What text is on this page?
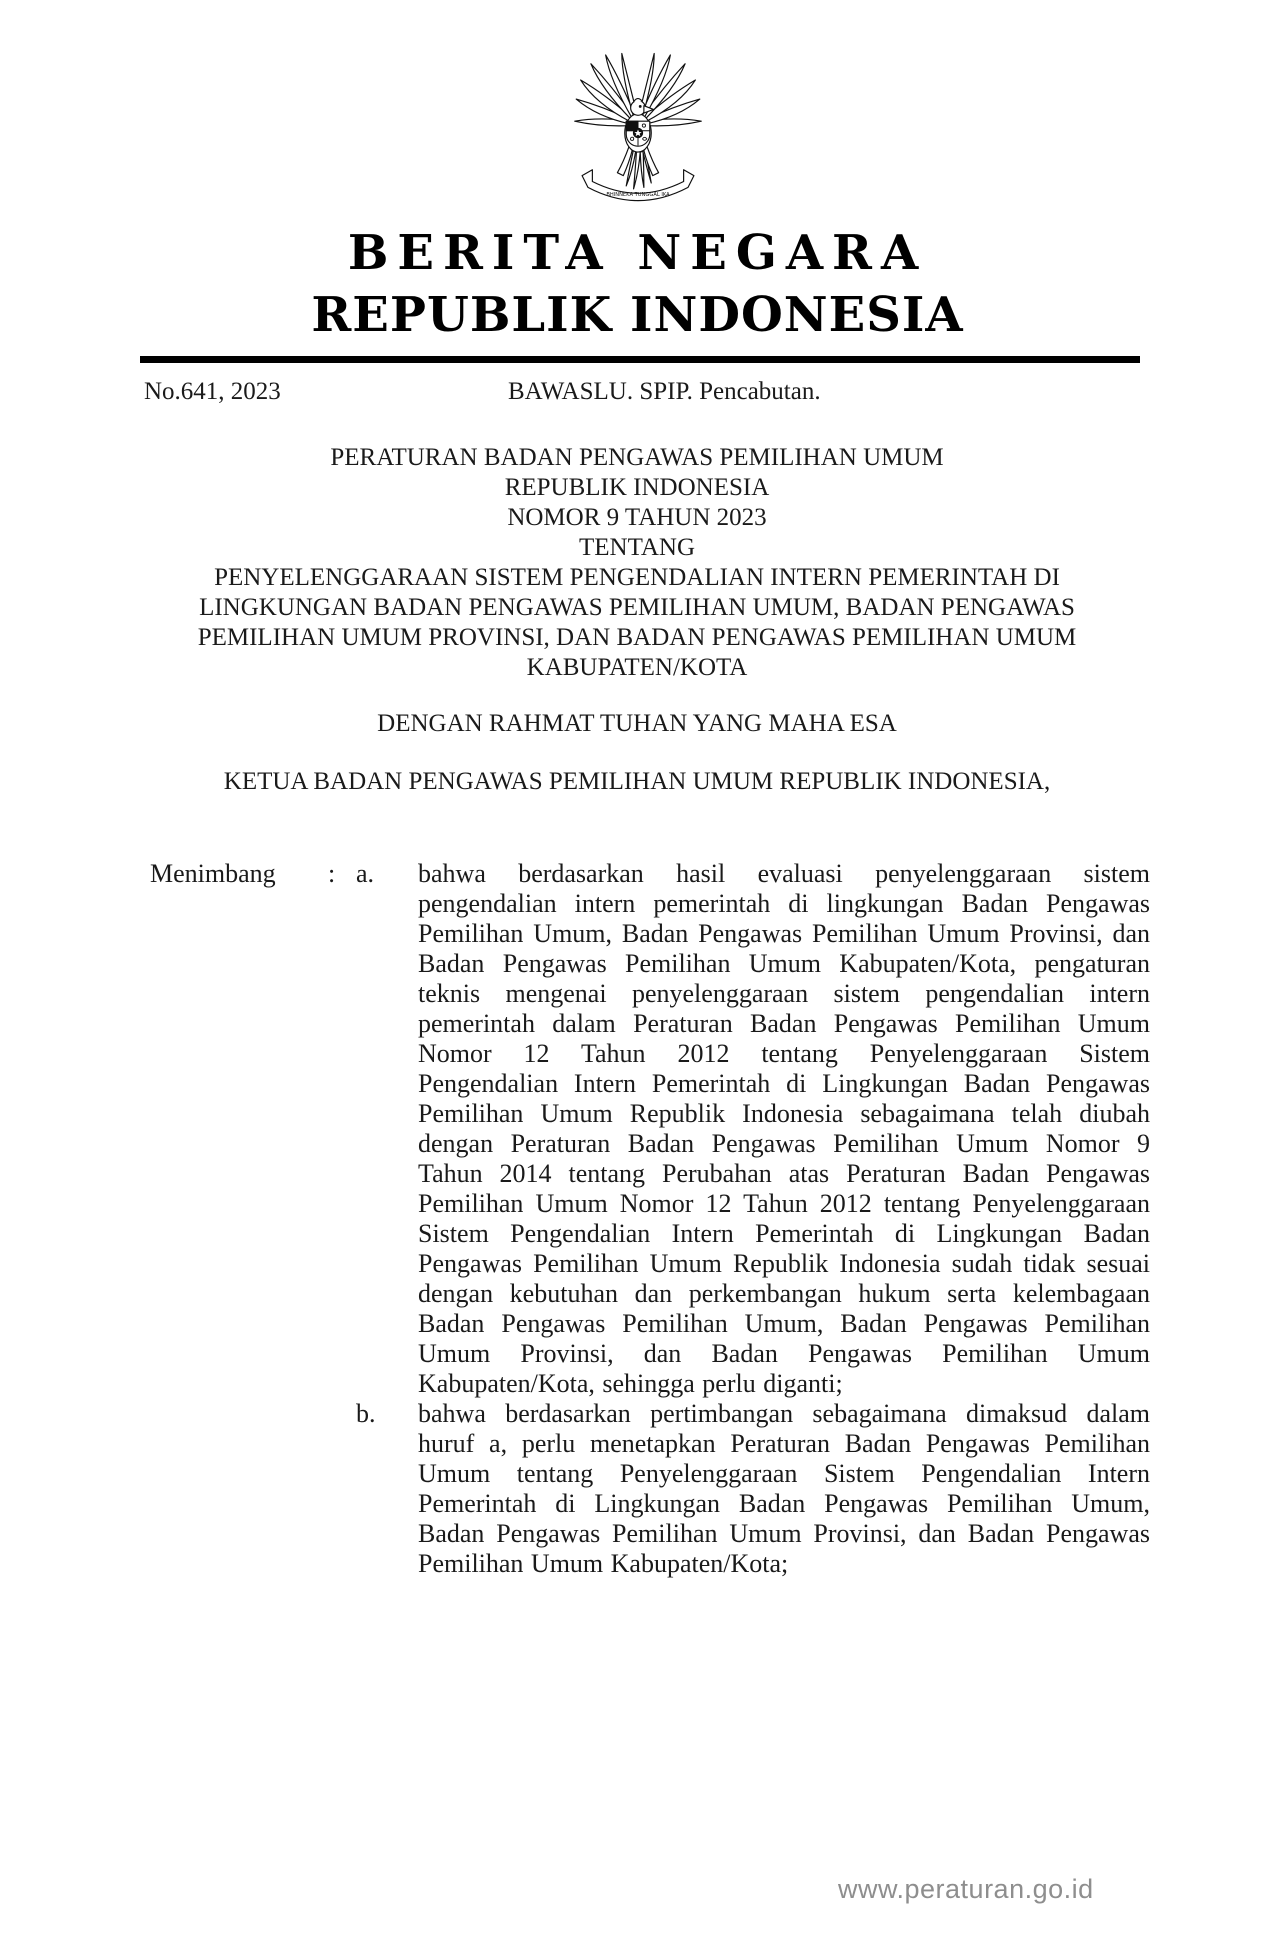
BHINNEKA TUNGGAL IKA
BERITA NEGARA
REPUBLIK INDONESIA
No.641, 2023	BAWASLU. SPIP. Pencabutan.
PERATURAN BADAN PENGAWAS PEMILIHAN UMUM
REPUBLIK INDONESIA
NOMOR 9 TAHUN 2023
TENTANG
PENYELENGGARAAN SISTEM PENGENDALIAN INTERN PEMERINTAH DI
LINGKUNGAN BADAN PENGAWAS PEMILIHAN UMUM, BADAN PENGAWAS
PEMILIHAN UMUM PROVINSI, DAN BADAN PENGAWAS PEMILIHAN UMUM
KABUPATEN/KOTA
DENGAN RAHMAT TUHAN YANG MAHA ESA
KETUA BADAN PENGAWAS PEMILIHAN UMUM REPUBLIK INDONESIA,
Menimbang	: a.	bahwa berdasarkan hasil evaluasi penyelenggaraan sistem pengendalian intern pemerintah di lingkungan Badan Pengawas Pemilihan Umum, Badan Pengawas Pemilihan Umum Provinsi, dan Badan Pengawas Pemilihan Umum Kabupaten/Kota, pengaturan teknis mengenai penyelenggaraan sistem pengendalian intern pemerintah dalam Peraturan Badan Pengawas Pemilihan Umum Nomor 12 Tahun 2012 tentang Penyelenggaraan Sistem Pengendalian Intern Pemerintah di Lingkungan Badan Pengawas Pemilihan Umum Republik Indonesia sebagaimana telah diubah dengan Peraturan Badan Pengawas Pemilihan Umum Nomor 9 Tahun 2014 tentang Perubahan atas Peraturan Badan Pengawas Pemilihan Umum Nomor 12 Tahun 2012 tentang Penyelenggaraan Sistem Pengendalian Intern Pemerintah di Lingkungan Badan Pengawas Pemilihan Umum Republik Indonesia sudah tidak sesuai dengan kebutuhan dan perkembangan hukum serta kelembagaan Badan Pengawas Pemilihan Umum, Badan Pengawas Pemilihan Umum Provinsi, dan Badan Pengawas Pemilihan Umum Kabupaten/Kota, sehingga perlu diganti;
b.	bahwa berdasarkan pertimbangan sebagaimana dimaksud dalam huruf a, perlu menetapkan Peraturan Badan Pengawas Pemilihan Umum tentang Penyelenggaraan Sistem Pengendalian Intern Pemerintah di Lingkungan Badan Pengawas Pemilihan Umum, Badan Pengawas Pemilihan Umum Provinsi, dan Badan Pengawas Pemilihan Umum Kabupaten/Kota;
www.peraturan.go.id
